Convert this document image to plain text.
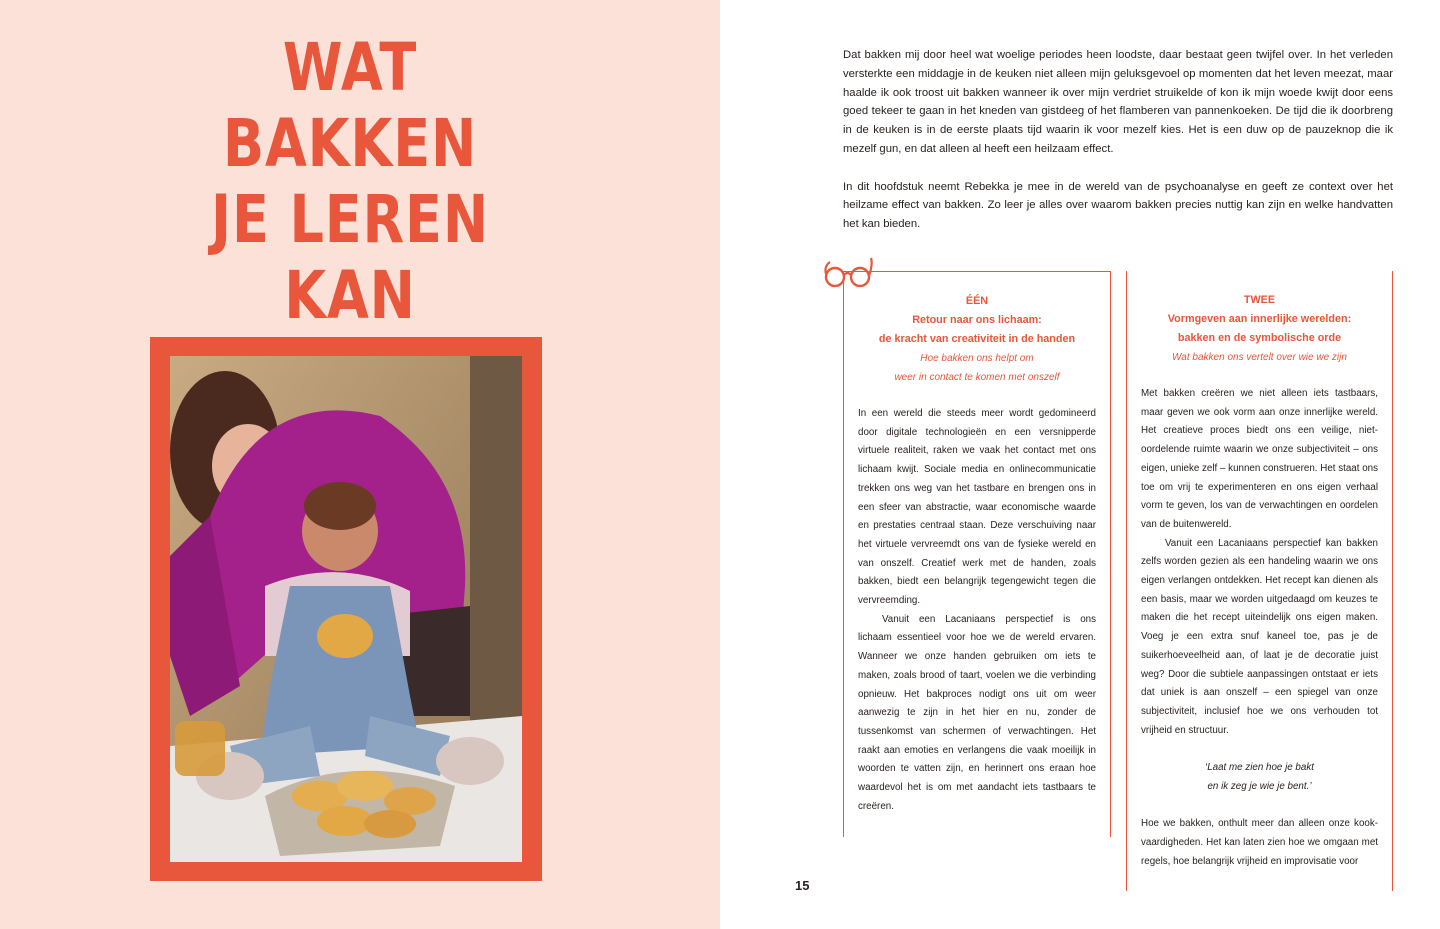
WAT BAKKEN
JE LEREN KAN

Dat bakken mij door heel wat woelige periodes heen loodste, daar bestaat geen twijfel over. In het verleden versterkte een middagje in de keuken niet alleen mijn geluksgevoel op momenten dat het leven meezat, maar haalde ik ook troost uit bakken wanneer ik over mijn verdriet struikelde of kon ik mijn woede kwijt door eens goed tekeer te gaan in het kneden van gistdeeg of het flamberen van pannenkoeken. De tijd die ik doorbreng in de keuken is in de eerste plaats tijd waarin ik voor mezelf kies. Het is een duw op de pauzeknop die ik mezelf gun, en dat alleen al heeft een heilzaam effect.

In dit hoofdstuk neemt Rebekka je mee in de wereld van de psychoanalyse en geeft ze context over het heilzame effect van bakken. Zo leer je alles over waarom bakken precies nuttig kan zijn en welke handvatten het kan bieden.

ÉÉN
Retour naar ons lichaam:
de kracht van creativiteit in de handen
Hoe bakken ons helpt om
weer in contact te komen met onszelf

In een wereld die steeds meer wordt gedomineerd door digitale technologieën en een versnipperde virtuele realiteit, raken we vaak het contact met ons lichaam kwijt. Sociale media en onlinecommunicatie trekken ons weg van het tastbare en brengen ons in een sfeer van abstractie, waar economische waarde en prestaties centraal staan. Deze verschuiving naar het virtuele vervreemdt ons van de fysieke wereld en van onszelf. Creatief werk met de handen, zoals bakken, biedt een belangrijk tegengewicht tegen die vervreemding.

Vanuit een Lacaniaans perspectief is ons lichaam essentieel voor hoe we de wereld ervaren. Wanneer we onze handen gebruiken om iets te maken, zoals brood of taart, voelen we die verbinding opnieuw. Het bakproces nodigt ons uit om weer aanwezig te zijn in het hier en nu, zonder de tussenkomst van schermen of verwachtingen. Het raakt aan emoties en verlangens die vaak moeilijk in woorden te vatten zijn, en herinnert ons eraan hoe waardevol het is om met aandacht iets tastbaars te creëren.

TWEE
Vormgeven aan innerlijke werelden:
bakken en de symbolische orde
Wat bakken ons vertelt over wie we zijn

Met bakken creëren we niet alleen iets tastbaars, maar geven we ook vorm aan onze innerlijke wereld. Het creatieve proces biedt ons een veilige, niet-oordelende ruimte waarin we onze subjectiviteit – ons eigen, unieke zelf – kunnen construeren. Het staat ons toe om vrij te experimenteren en ons eigen verhaal vorm te geven, los van de verwachtingen en oordelen van de buitenwereld.

Vanuit een Lacaniaans perspectief kan bakken zelfs worden gezien als een handeling waarin we ons eigen verlangen ontdekken. Het recept kan dienen als een basis, maar we worden uitgedaagd om keuzes te maken die het recept uiteindelijk ons eigen maken. Voeg je een extra snuf kaneel toe, pas je de suikerhoeveelheid aan, of laat je de decoratie juist weg? Door die subtiele aanpassingen ontstaat er iets dat uniek is aan onszelf – een spiegel van onze subjectiviteit, inclusief hoe we ons verhouden tot vrijheid en structuur.

‘Laat me zien hoe je bakt
en ik zeg je wie je bent.’

Hoe we bakken, onthult meer dan alleen onze kook-vaardigheden. Het kan laten zien hoe we omgaan met regels, hoe belangrijk vrijheid en improvisatie voor

15
